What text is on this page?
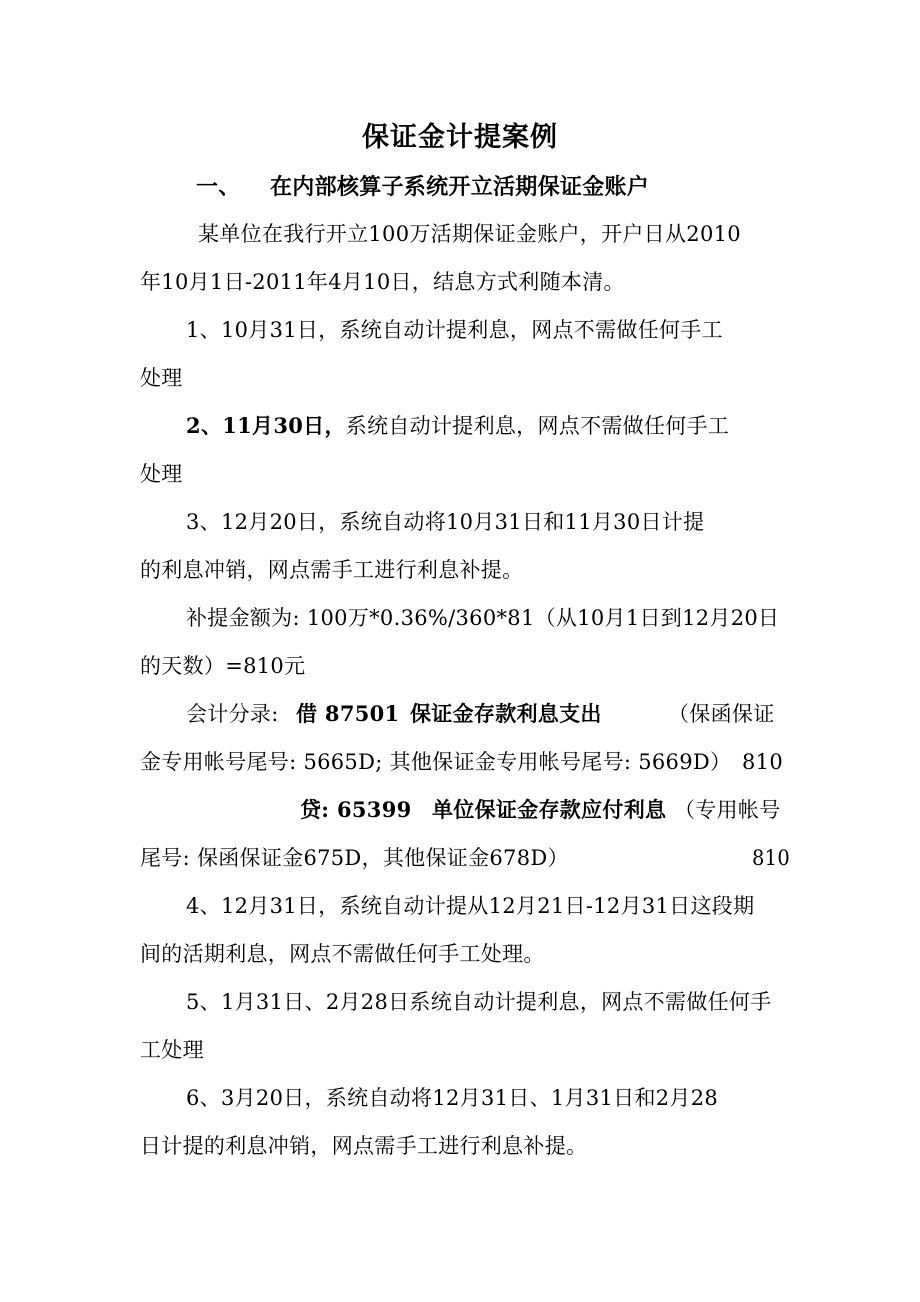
保证金计提案例
一、 在内部核算子系统开立活期保证金账户
某单位在我行开立100万活期保证金账户，开户日从2010
年10月1日-2011年4月10日，结息方式利随本清。
1、10月31日，系统自动计提利息，网点不需做任何手工
处理
2、11月30日，系统自动计提利息，网点不需做任何手工
处理
3、12月20日，系统自动将10月31日和11月30日计提
的利息冲销，网点需手工进行利息补提。
补提金额为: 100万*0.36%/360*81（从10月1日到12月20日
的天数）=810元
会计分录: 借 87501 保证金存款利息支出	（保函保证
金专用帐号尾号: 5665D; 其他保证金专用帐号尾号: 5669D） 810
贷: 65399 单位保证金存款应付利息 （专用帐号
尾号: 保函保证金675D，其他保证金678D）	810
4、12月31日，系统自动计提从12月21日-12月31日这段期
间的活期利息，网点不需做任何手工处理。
5、1月31日、2月28日系统自动计提利息，网点不需做任何手
工处理
6、3月20日，系统自动将12月31日、1月31日和2月28
日计提的利息冲销，网点需手工进行利息补提。
